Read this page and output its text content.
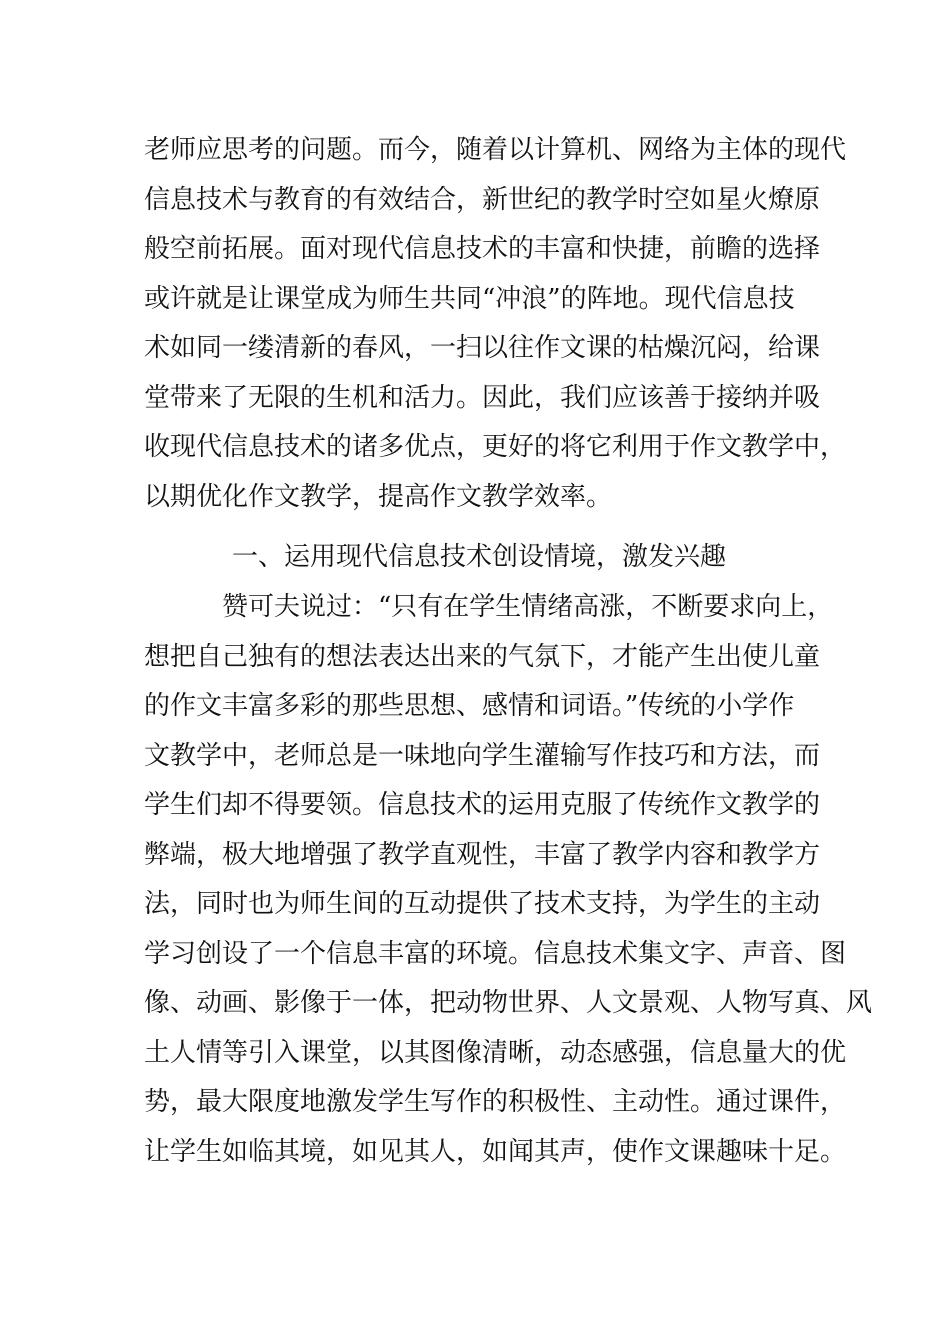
老师应思考的问题。而今，随着以计算机、网络为主体的现代
信息技术与教育的有效结合，新世纪的教学时空如星火燎原
般空前拓展。面对现代信息技术的丰富和快捷，前瞻的选择
或许就是让课堂成为师生共同“冲浪”的阵地。现代信息技
术如同一缕清新的春风，一扫以往作文课的枯燥沉闷，给课
堂带来了无限的生机和活力。因此，我们应该善于接纳并吸
收现代信息技术的诸多优点，更好的将它利用于作文教学中，
以期优化作文教学，提高作文教学效率。
一、运用现代信息技术创设情境，激发兴趣
　　　赞可夫说过：“只有在学生情绪高涨，不断要求向上，
想把自己独有的想法表达出来的气氛下，才能产生出使儿童
的作文丰富多彩的那些思想、感情和词语。”传统的小学作
文教学中，老师总是一味地向学生灌输写作技巧和方法，而
学生们却不得要领。信息技术的运用克服了传统作文教学的
弊端，极大地增强了教学直观性，丰富了教学内容和教学方
法，同时也为师生间的互动提供了技术支持，为学生的主动
学习创设了一个信息丰富的环境。信息技术集文字、声音、图
像、动画、影像于一体，把动物世界、人文景观、人物写真、风
土人情等引入课堂，以其图像清晰，动态感强，信息量大的优
势，最大限度地激发学生写作的积极性、主动性。通过课件，
让学生如临其境，如见其人，如闻其声，使作文课趣味十足。
